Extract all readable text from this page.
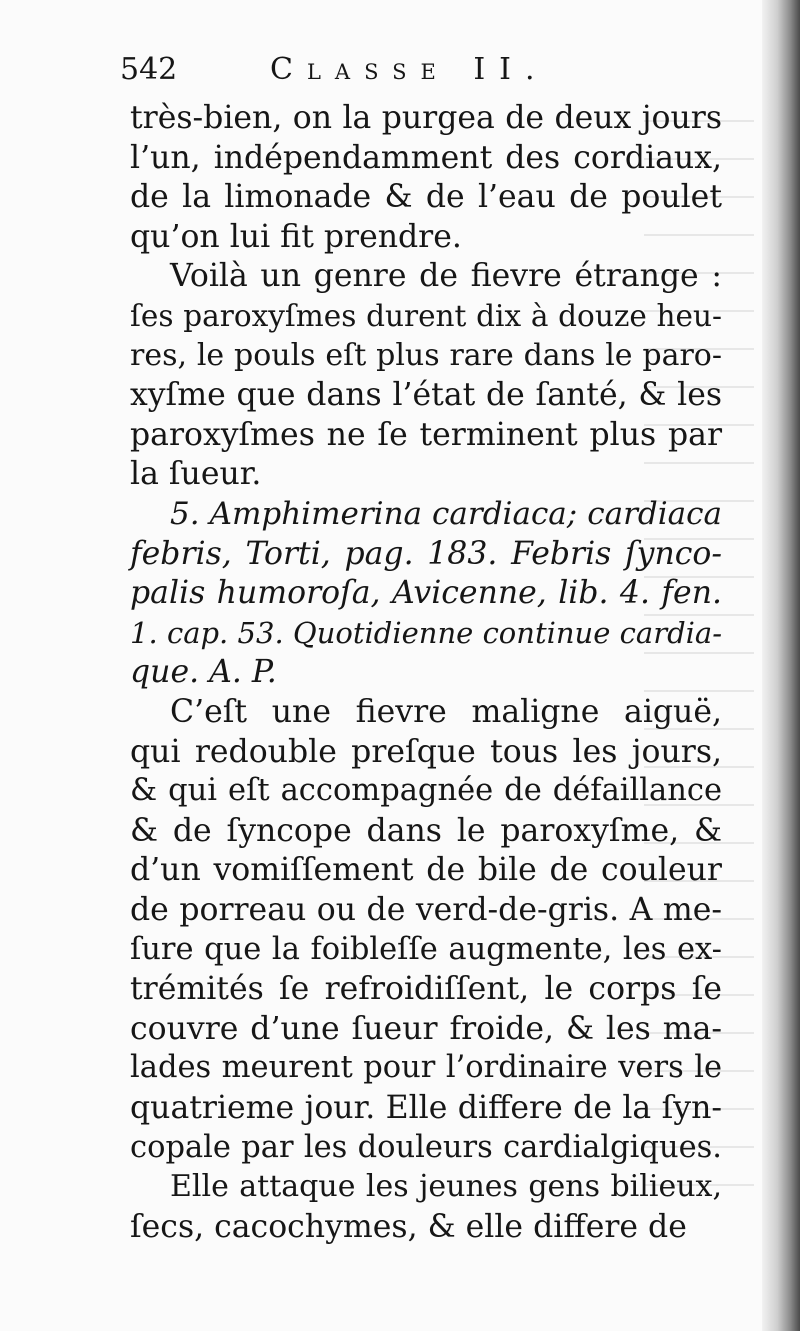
542	Classe II.
très-bien, on la purgea de deux jours
l’un, indépendamment des cordiaux,
de la limonade & de l’eau de poulet
qu’on lui fit prendre.
Voilà un genre de fievre étrange :
ſes paroxyſmes durent dix à douze heu-
res, le pouls eſt plus rare dans le paro-
xyſme que dans l’état de ſanté, & les
paroxyſmes ne ſe terminent plus par
la ſueur.
5. Amphimerina cardiaca; cardiaca
febris, Torti, pag. 183. Febris ſynco-
palis humoroſa, Avicenne, lib. 4. fen.
1. cap. 53. Quotidienne continue cardia-
que. A. P.
C’eſt une fievre maligne aiguë,
qui redouble preſque tous les jours,
& qui eſt accompagnée de défaillance
& de ſyncope dans le paroxyſme, &
d’un vomiſſement de bile de couleur
de porreau ou de verd-de-gris. A me-
ſure que la foibleſſe augmente, les ex-
trémités ſe refroidiſſent, le corps ſe
couvre d’une ſueur froide, & les ma-
lades meurent pour l’ordinaire vers le
quatrieme jour. Elle differe de la ſyn-
copale par les douleurs cardialgiques.
Elle attaque les jeunes gens bilieux,
ſecs, cacochymes, & elle differe de
